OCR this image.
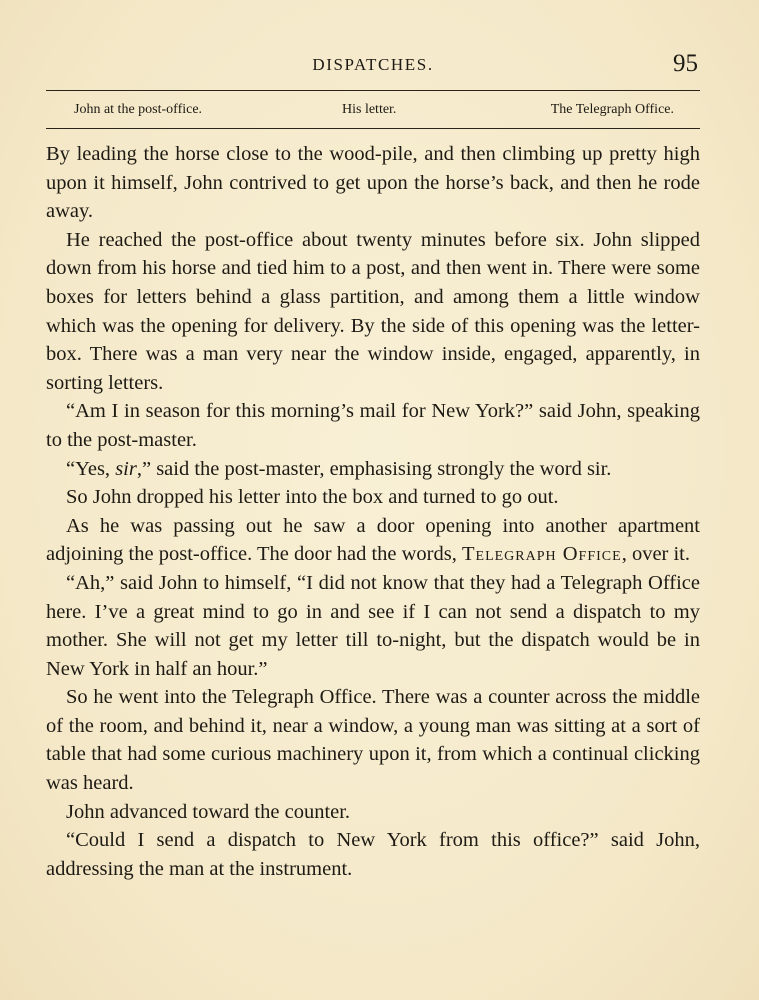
DISPATCHES.	95
John at the post-office.	His letter.	The Telegraph Office.

By leading the horse close to the wood-pile, and then climbing up pretty high upon it himself, John contrived to get upon the horse’s back, and then he rode away.

He reached the post-office about twenty minutes before six. John slipped down from his horse and tied him to a post, and then went in. There were some boxes for letters behind a glass partition, and among them a little window which was the opening for delivery. By the side of this opening was the letter-box. There was a man very near the window inside, engaged, apparently, in sorting letters.

“Am I in season for this morning’s mail for New York?” said John, speaking to the post-master.

“Yes, sir,” said the post-master, emphasising strongly the word sir.

So John dropped his letter into the box and turned to go out.

As he was passing out he saw a door opening into another apartment adjoining the post-office. The door had the words, Telegraph Office, over it.

“Ah,” said John to himself, “I did not know that they had a Telegraph Office here. I’ve a great mind to go in and see if I can not send a dispatch to my mother. She will not get my letter till to-night, but the dispatch would be in New York in half an hour.”

So he went into the Telegraph Office. There was a counter across the middle of the room, and behind it, near a window, a young man was sitting at a sort of table that had some curious machinery upon it, from which a continual clicking was heard.

John advanced toward the counter.

“Could I send a dispatch to New York from this office?” said John, addressing the man at the instrument.
